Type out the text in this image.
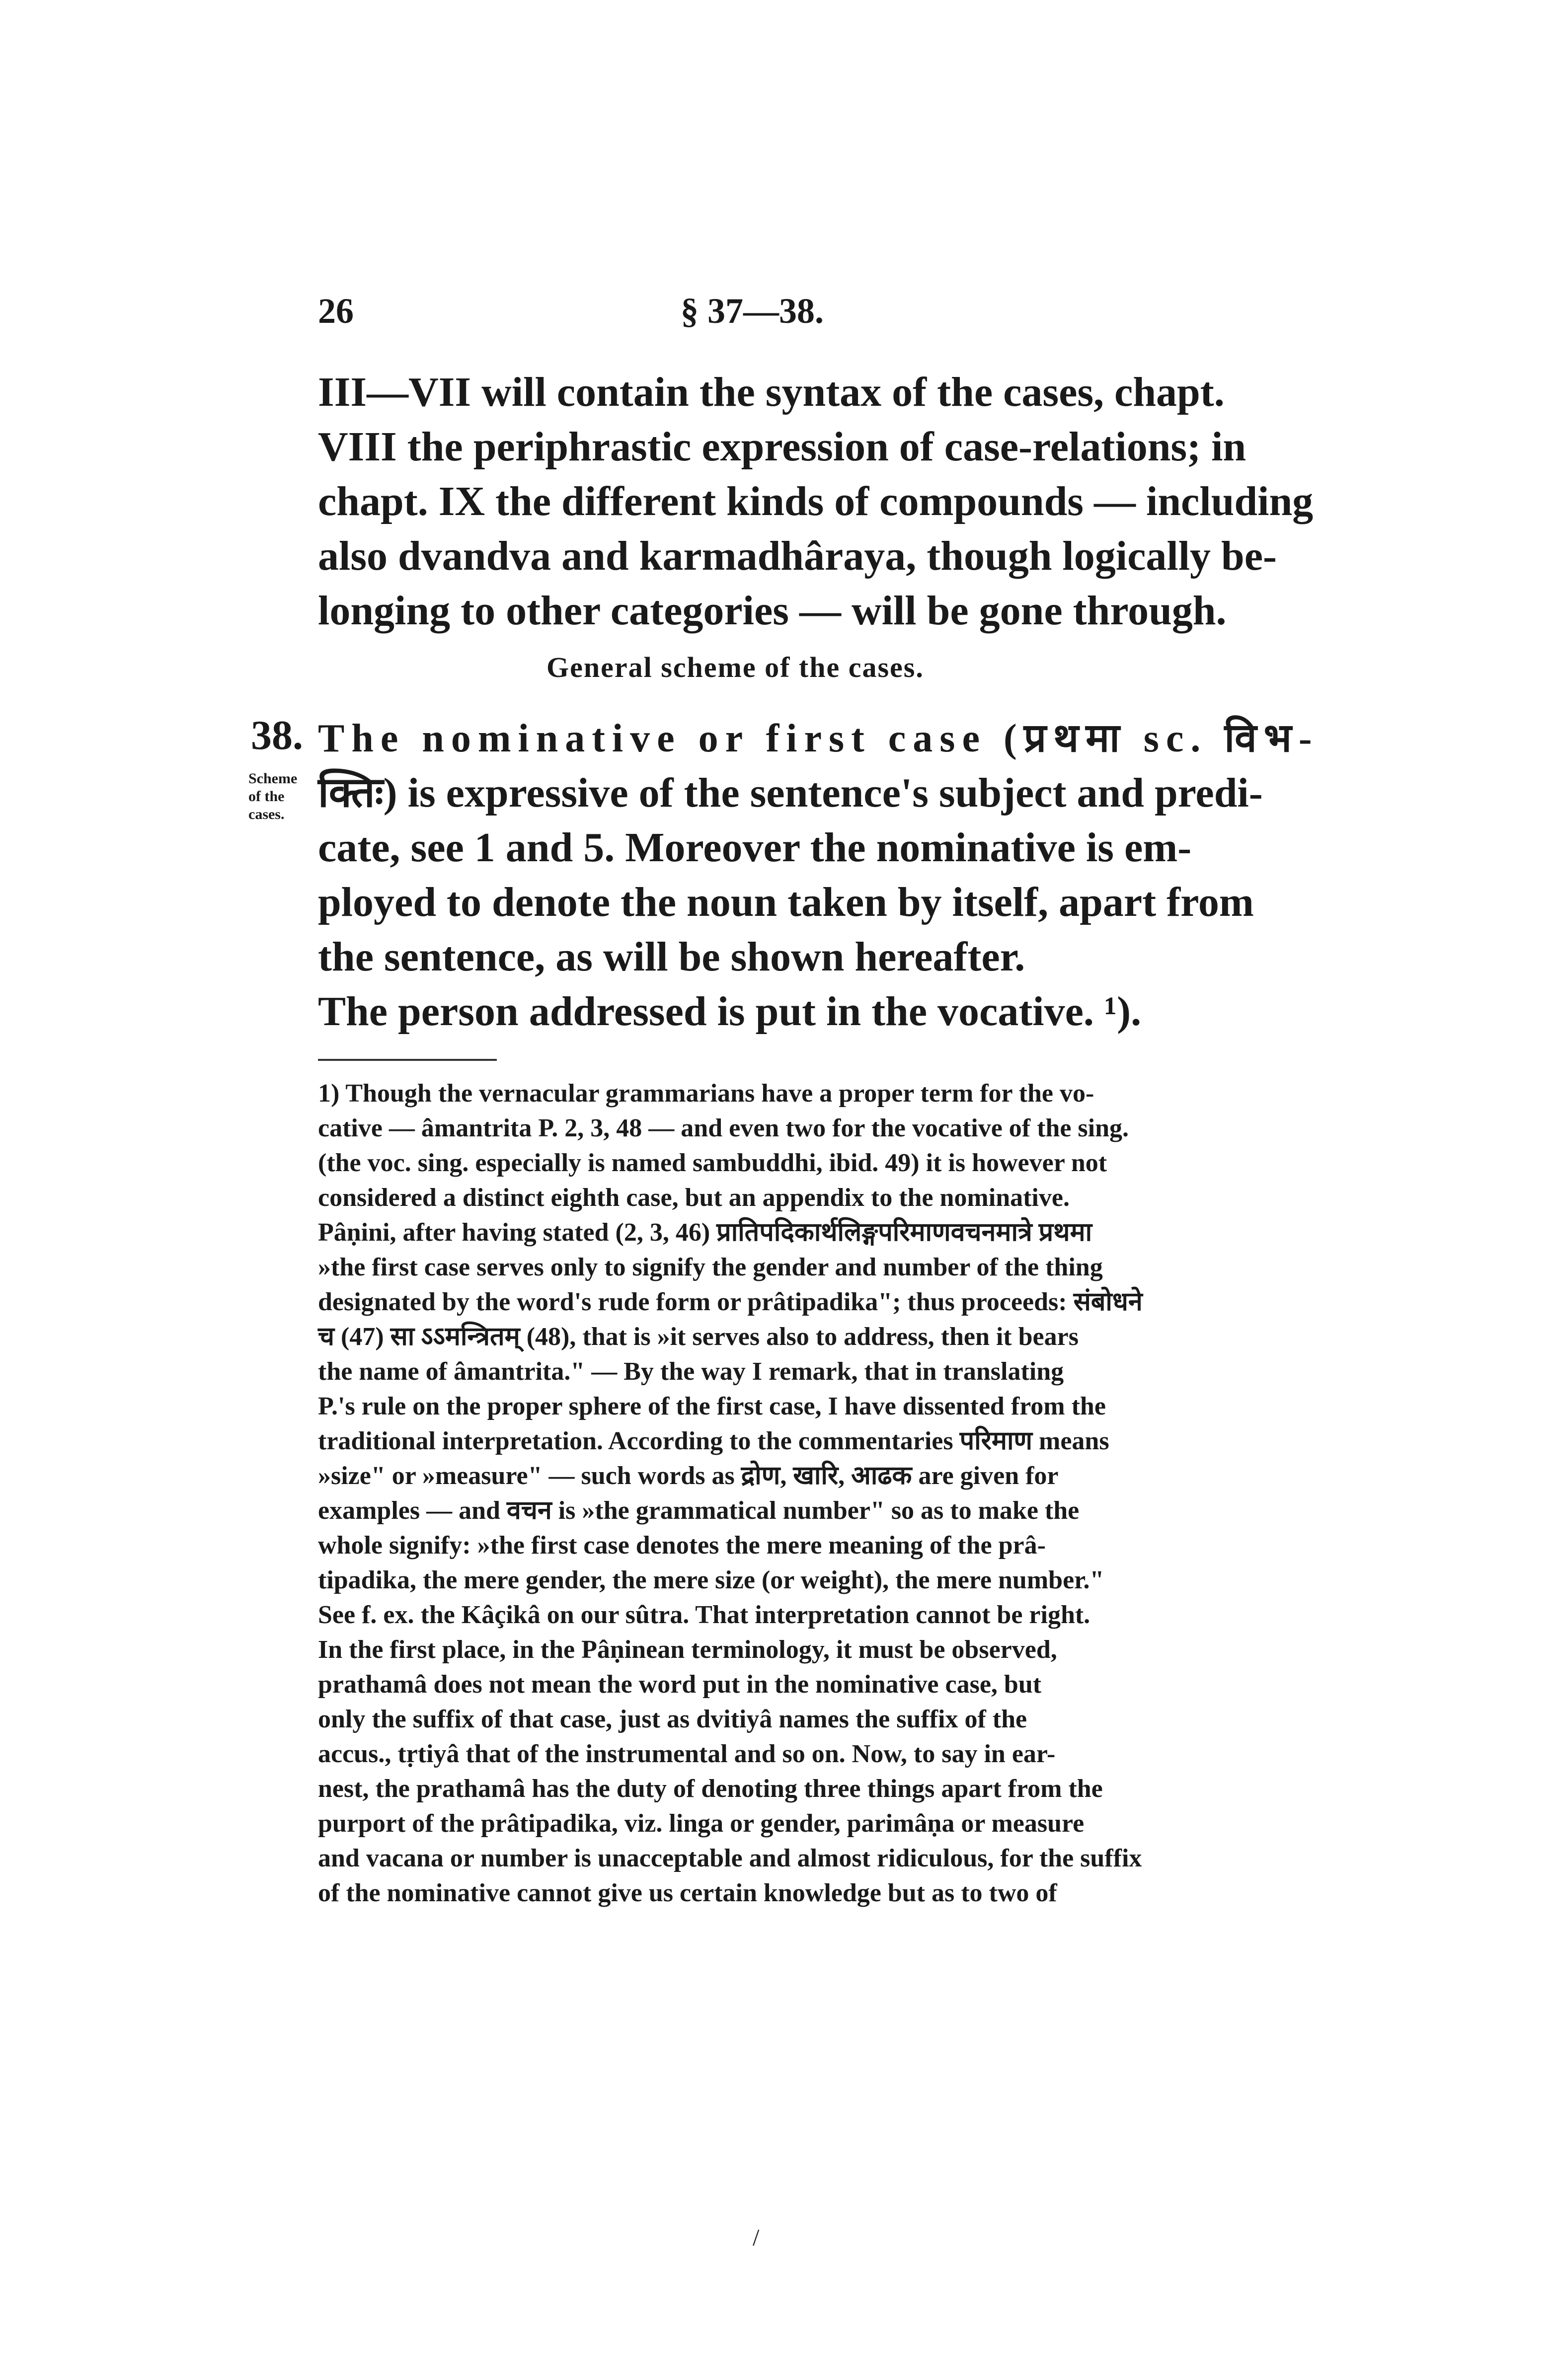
26	§ 37—38.
III—VII will contain the syntax of the cases, chapt.
VIII the periphrastic expression of case-relations; in
chapt. IX the different kinds of compounds — including
also dvandva and karmadhâraya, though logically be-
longing to other categories — will be gone through.
General scheme of the cases.
38.
Scheme of the cases.
The nominative or first case (प्रथमा sc. विभ-
क्तिः) is expressive of the sentence's subject and predi-
cate, see 1 and 5. Moreover the nominative is em-
ployed to denote the noun taken by itself, apart from
the sentence, as will be shown hereafter.
The person addressed is put in the vocative. ¹).
1) Though the vernacular grammarians have a proper term for the vo-
cative — âmantrita P. 2, 3, 48 — and even two for the vocative of the sing.
(the voc. sing. especially is named sambuddhi, ibid. 49) it is however not
considered a distinct eighth case, but an appendix to the nominative.
Pâṇini, after having stated (2, 3, 46) प्रातिपदिकार्थलिङ्गपरिमाणवचनमात्रे प्रथमा
»the first case serves only to signify the gender and number of the thing
designated by the word's rude form or prâtipadika"; thus proceeds: संबोधने
च (47) सा ऽऽमन्त्रितम् (48), that is »it serves also to address, then it bears
the name of âmantrita." — By the way I remark, that in translating
P.'s rule on the proper sphere of the first case, I have dissented from the
traditional interpretation. According to the commentaries परिमाण means
»size" or »measure" — such words as द्रोण, खारि, आढक are given for
examples — and वचन is »the grammatical number" so as to make the
whole signify: »the first case denotes the mere meaning of the prâ-
tipadika, the mere gender, the mere size (or weight), the mere number."
See f. ex. the Kâçikâ on our sûtra. That interpretation cannot be right.
In the first place, in the Pâṇinean terminology, it must be observed,
prathamâ does not mean the word put in the nominative case, but
only the suffix of that case, just as dvitiyâ names the suffix of the
accus., tṛtiyâ that of the instrumental and so on. Now, to say in ear-
nest, the prathamâ has the duty of denoting three things apart from the
purport of the prâtipadika, viz. linga or gender, parimâṇa or measure
and vacana or number is unacceptable and almost ridiculous, for the suffix
of the nominative cannot give us certain knowledge but as to two of
/
